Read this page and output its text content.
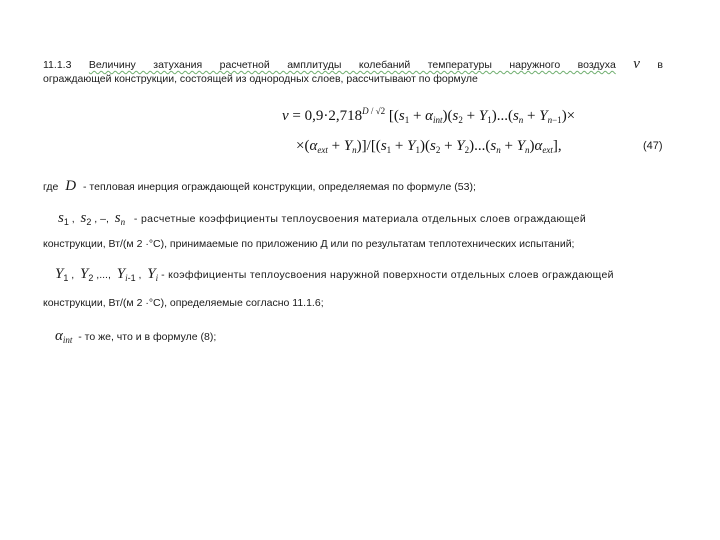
11.1.3 Величину затухания расчетной амплитуды колебаний температуры наружного воздуха ν в
ограждающей конструкции, состоящей из однородных слоев, рассчитывают по формуле
$\nu = 0,9\cdot 2,718^{D / √2}$ [$(s_1 + \alpha_{int})(s_2 + Y_1)...(s_n + Y_{n-1})\times$
$\times(\alpha_{ext} + Y_n)]/[(s_1 + Y_1)(s_2 + Y_2)...(s_n + Y_n)\alpha_{ext}]$,	(47)
где D - тепловая инерция ограждающей конструкции, определяемая по формуле (53);
s1 ,  s2 , –,  sn - расчетные коэффициенты теплоусвоения материала отдельных слоев ограждающей
конструкции, Вт/(м 2 ·°С), принимаемые по приложению Д или по результатам теплотехнических испытаний;
Y1 ,  Y2 ,...,  Yi-1 ,  Yi - коэффициенты теплоусвоения наружной поверхности отдельных слоев ограждающей
конструкции, Вт/(м 2 ·°С), определяемые согласно 11.1.6;
αint - то же, что и в формуле (8);
